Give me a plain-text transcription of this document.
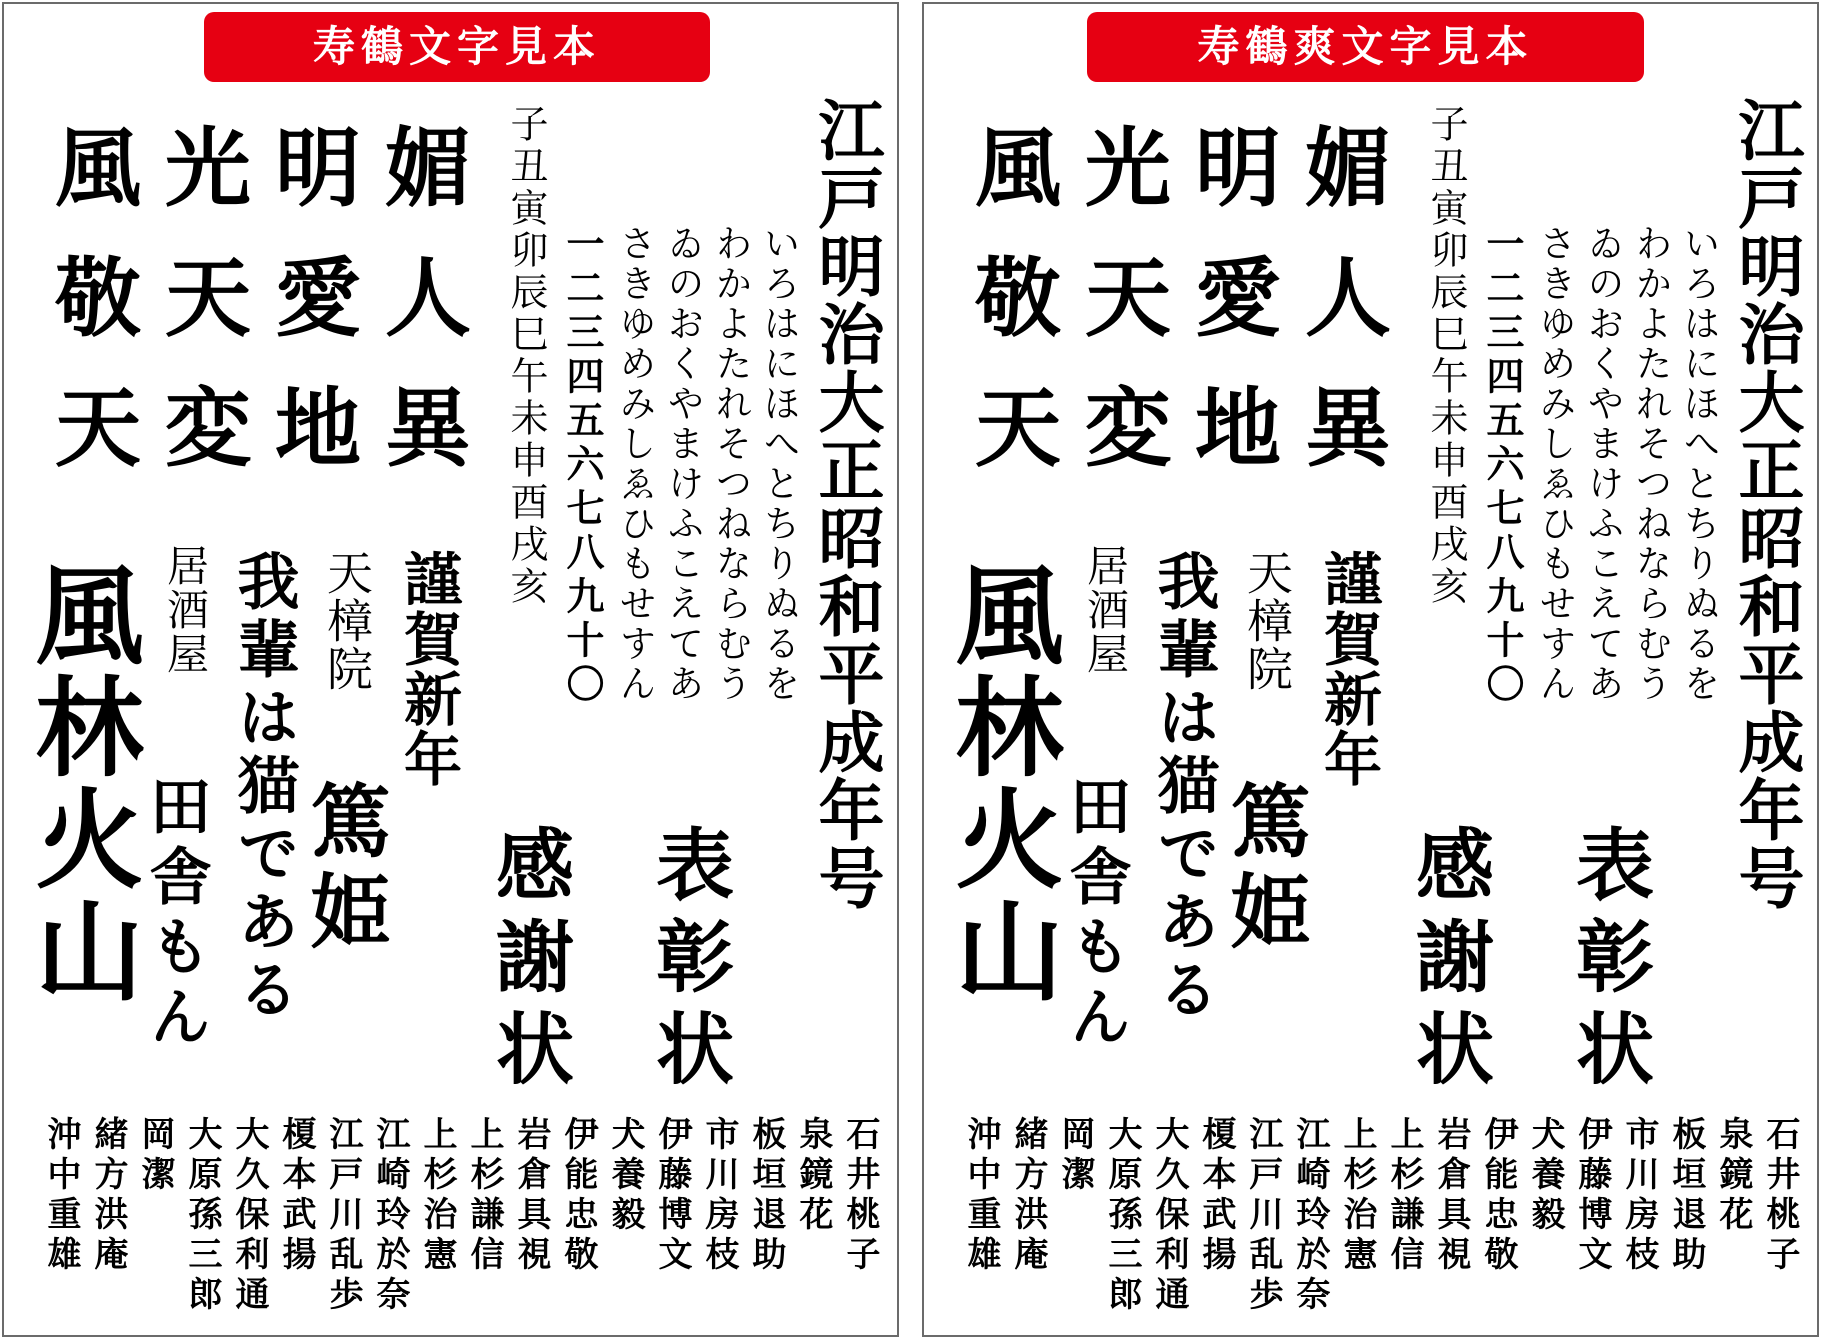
寿鶴文字見本
風 光 明 媚
敬 天 愛 人
天 変 地 異	江戸明治大正昭和平成年号
いろはにほへとちりぬるを
わかよたれそつねならむう
ゐのおくやまけふこえてあ
さきゆめみしゑひもせすん
一二三四五六七八九十〇
子丑寅卯辰巳午未申酉戌亥
表彰状
感謝状
謹賀新年
天樟院
篤姫
我輩は猫である
居酒屋
田舎もん
風林火山
石井桃子
泉鏡花
板垣退助
市川房枝
伊藤博文
犬養毅
伊能忠敬
岩倉具視
上杉謙信
上杉治憲
江崎玲於奈
江戸川乱歩
榎本武揚
大久保利通
大原孫三郎
岡潔
緒方洪庵
沖中重雄
寿鶴爽文字見本
風 光 明 媚
敬 天 愛 人
天 変 地 異	江戸明治大正昭和平成年号
いろはにほへとちりぬるを
わかよたれそつねならむう
ゐのおくやまけふこえてあ
さきゆめみしゑひもせすん
一二三四五六七八九十〇
子丑寅卯辰巳午未申酉戌亥
表彰状
感謝状
謹賀新年
天樟院
篤姫
我輩は猫である
居酒屋
田舎もん
風林火山
石井桃子
泉鏡花
板垣退助
市川房枝
伊藤博文
犬養毅
伊能忠敬
岩倉具視
上杉謙信
上杉治憲
江崎玲於奈
江戸川乱歩
榎本武揚
大久保利通
大原孫三郎
岡潔
緒方洪庵
沖中重雄
